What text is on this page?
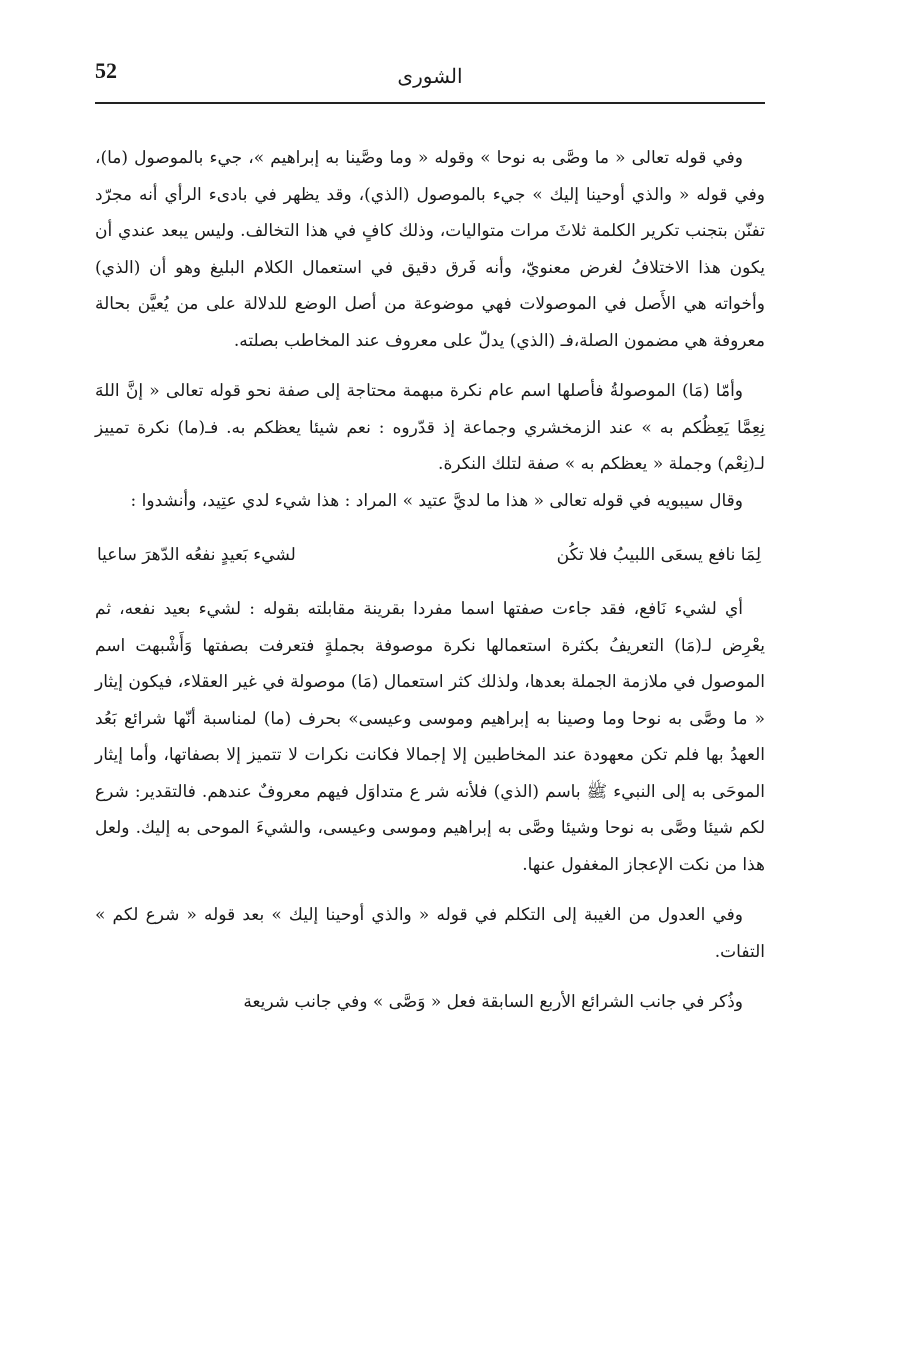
52	الشورى

وفي قوله تعالى « ما وصَّى به نوحا » وقوله « وما وصَّينا به إبراهيم »، جيء بالموصول (ما)، وفي قوله « والذي أوحينا إليك » جيء بالموصول (الذي)، وقد يظهر في بادىء الرأي أنه مجرّد تفنّن بتجنب تكرير الكلمة ثلاثَ مرات متواليات، وذلك كافٍ في هذا التخالف. وليس يبعد عندي أن يكون هذا الاختلافُ لغرض معنويّ، وأنه فَرق دقيق في استعمال الكلام البليغ وهو أن (الذي) وأخواته هي الأَصل في الموصولات فهي موضوعة من أصل الوضع للدلالة على من يُعيَّن بحالة معروفة هي مضمون الصلة،فـ (الذي) يدلّ على معروف عند المخاطب بصلته.

وأمّا (مَا) الموصولةُ فأصلها اسم عام نكرة مبهمة محتاجة إلى صفة نحو قوله تعالى « إنَّ اللهَ نِعِمَّا يَعِظُكم به » عند الزمخشري وجماعة إذ قدّروه : نعم شيئا يعظكم به. فـ(ما) نكرة تمييز لـ(نِعْم) وجملة « يعظكم به » صفة لتلك النكرة.

وقال سيبويه في قوله تعالى « هذا ما لديَّ عتيد » المراد : هذا شيء لدي عتِيد، وأنشدوا :

لِمَا نافع يسعَى اللبيبُ فلا تكُن
لشيء بَعيدٍ نفعُه الدّهرَ ساعيا

أي لشيء نَافع، فقد جاءت صفتها اسما مفردا بقرينة مقابلته بقوله : لشيء بعيد نفعه، ثم يعْرِض لـ(مَا) التعريفُ بكثرة استعمالها نكرة موصوفة بجملةٍ فتعرفت بصفتها وَأَشْبهت اسم الموصول في ملازمة الجملة بعدها، ولذلك كثر استعمال (مَا) موصولة في غير العقلاء، فيكون إيثار « ما وصَّى به نوحا وما وصينا به إبراهيم وموسى وعيسى» بحرف (ما) لمناسبة أنّها شرائع بَعُد العهدُ بها فلم تكن معهودة عند المخاطبين إلا إجمالا فكانت نكرات لا تتميز إلا بصفاتها، وأما إيثار الموحَى به إلى النبيء ﷺ باسم (الذي) فلأنه شر ع متداوَل فيهم معروفٌ عندهم. فالتقدير: شرع لكم شيئا وصَّى به نوحا وشيئا وصَّى به إبراهيم وموسى وعيسى، والشيءَ الموحى به إليك. ولعل هذا من نكت الإعجاز المغفول عنها.

وفي العدول من الغيبة إلى التكلم في قوله « والذي أوحينا إليك » بعد قوله « شرع لكم » التفات.

وذُكر في جانب الشرائع الأربع السابقة فعل « وَصَّى » وفي جانب شريعة
